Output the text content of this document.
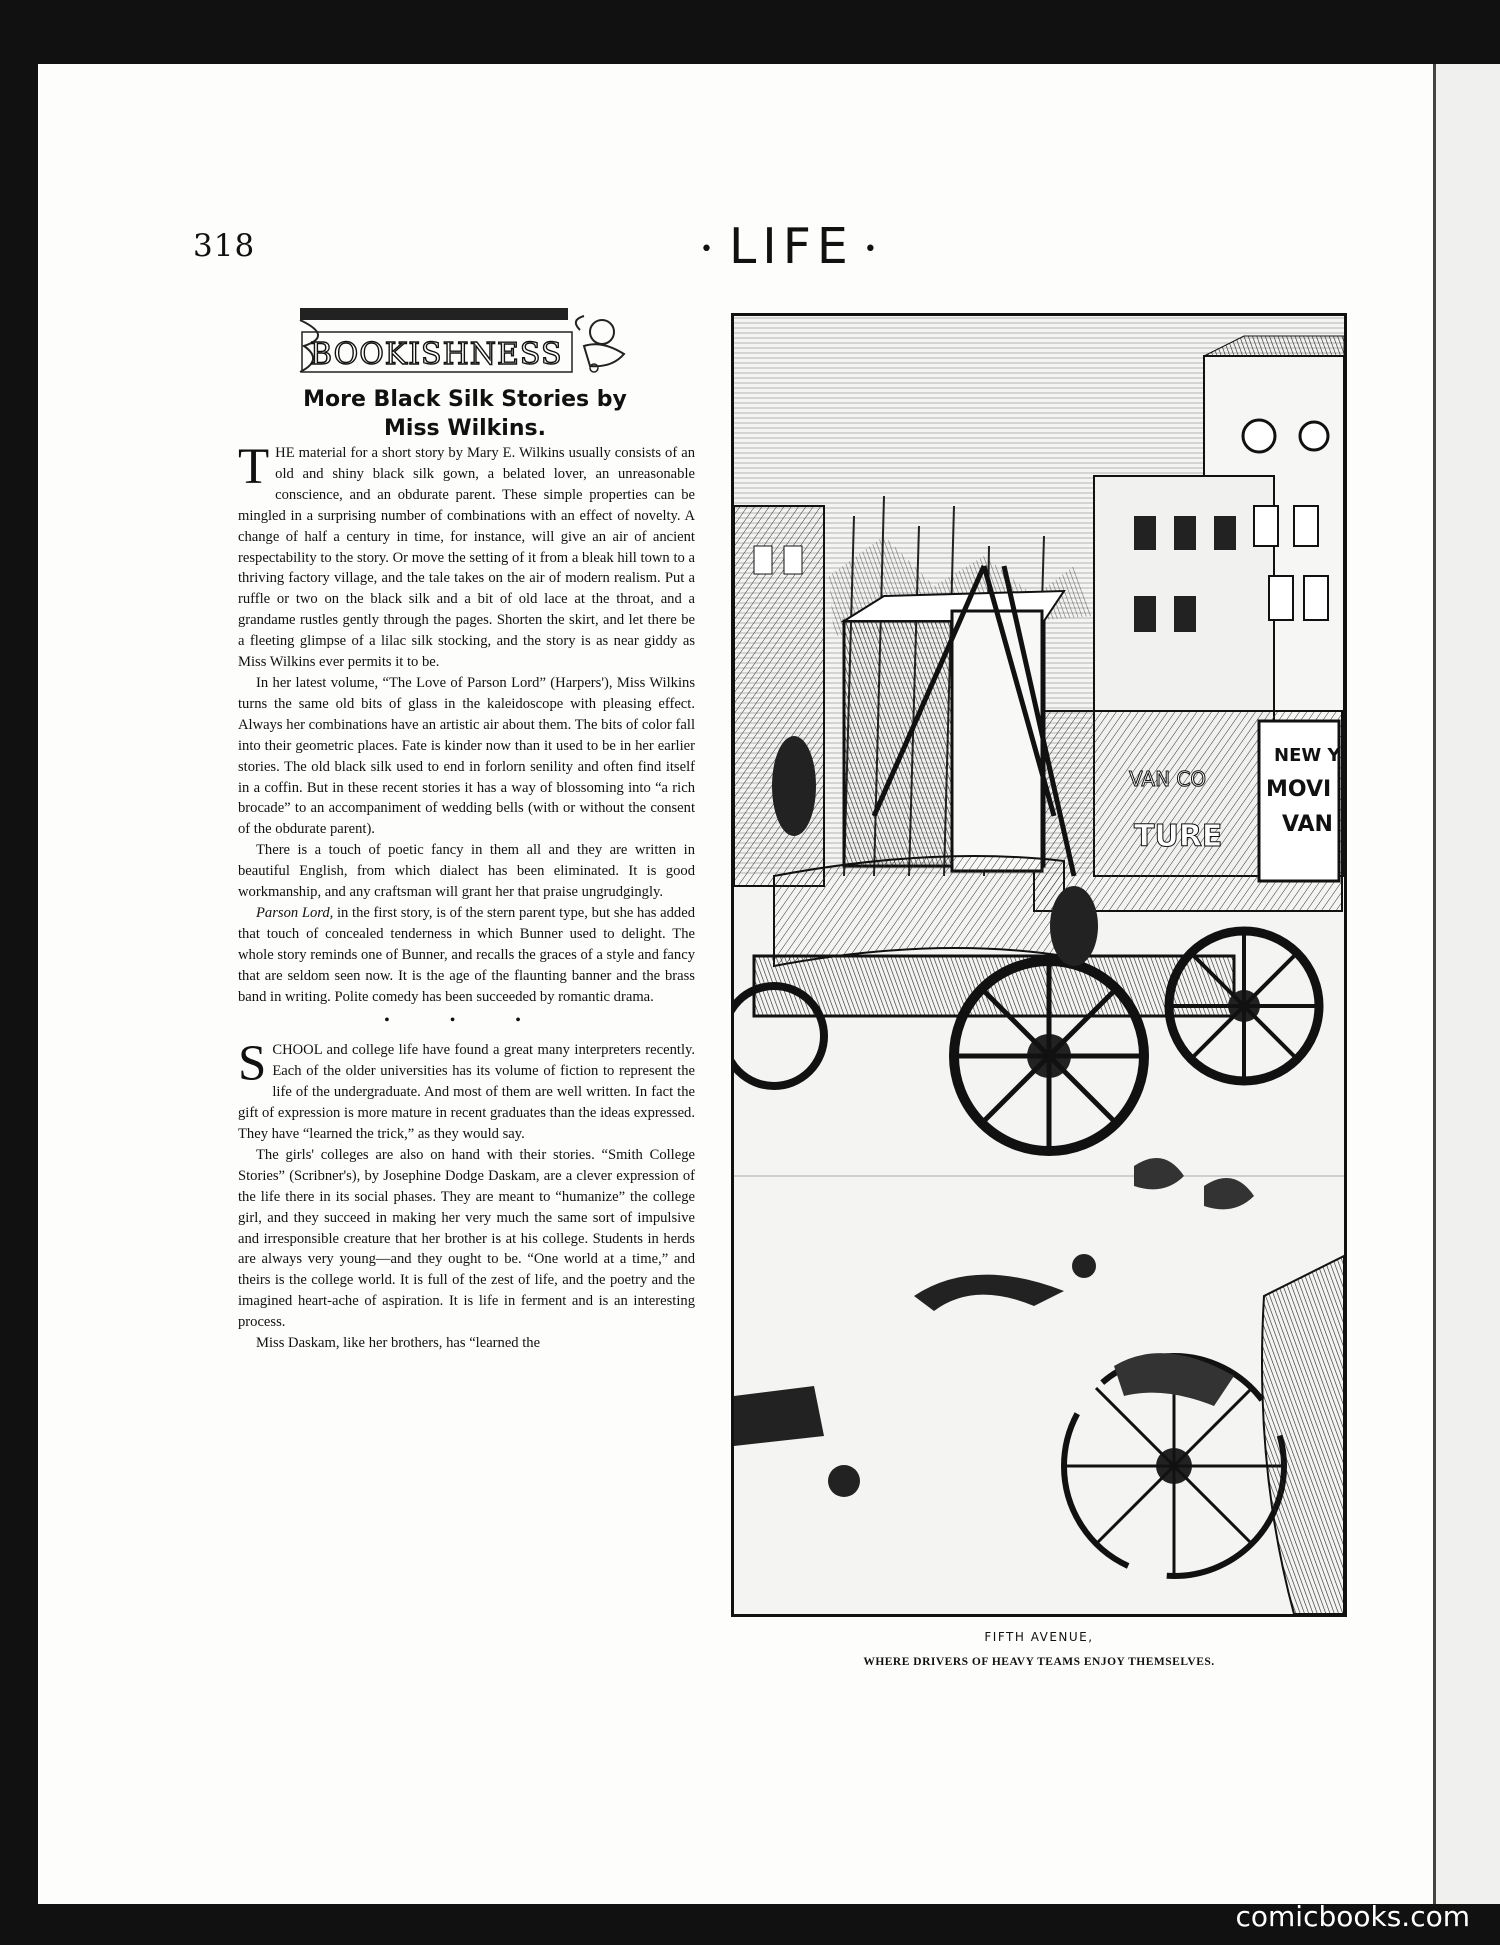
318	• LIFE •
BOOKISHNESS
More Black Silk Stories by
Miss Wilkins.

THE material for a short story by Mary E. Wilkins usually consists of an old and shiny black silk gown, a belated lover, an unreasonable conscience, and an obdurate parent. These simple properties can be mingled in a surprising number of combinations with an effect of novelty. A change of half a century in time, for instance, will give an air of ancient respectability to the story. Or move the setting of it from a bleak hill town to a thriving factory village, and the tale takes on the air of modern realism. Put a ruffle or two on the black silk and a bit of old lace at the throat, and a grandame rustles gently through the pages. Shorten the skirt, and let there be a fleeting glimpse of a lilac silk stocking, and the story is as near giddy as Miss Wilkins ever permits it to be.

In her latest volume, “The Love of Parson Lord” (Harpers'), Miss Wilkins turns the same old bits of glass in the kaleidoscope with pleasing effect. Always her combinations have an artistic air about them. The bits of color fall into their geometric places. Fate is kinder now than it used to be in her earlier stories. The old black silk used to end in forlorn senility and often find itself in a coffin. But in these recent stories it has a way of blossoming into “a rich brocade” to an accompaniment of wedding bells (with or without the consent of the obdurate parent).

There is a touch of poetic fancy in them all and they are written in beautiful English, from which dialect has been eliminated. It is good workmanship, and any craftsman will grant her that praise ungrudgingly.

Parson Lord, in the first story, is of the stern parent type, but she has added that touch of concealed tenderness in which Bunner used to delight. The whole story reminds one of Bunner, and recalls the graces of a style and fancy that are seldom seen now. It is the age of the flaunting banner and the brass band in writing. Polite comedy has been succeeded by romantic drama.

• • •

SCHOOL and college life have found a great many interpreters recently. Each of the older universities has its volume of fiction to represent the life of the undergraduate. And most of them are well written. In fact the gift of expression is more mature in recent graduates than the ideas expressed. They have “learned the trick,” as they would say.

The girls' colleges are also on hand with their stories. “Smith College Stories” (Scribner's), by Josephine Dodge Daskam, are a clever expression of the life there in its social phases. They are meant to “humanize” the college girl, and they succeed in making her very much the same sort of impulsive and irresponsible creature that her brother is at his college. Students in herds are always very young—and they ought to be. “One world at a time,” and theirs is the college world. It is full of the zest of life, and the poetry and the imagined heart-ache of aspiration. It is life in ferment and is an interesting process.

Miss Daskam, like her brothers, has “learned the

NEW Y
MOVI
VAN
VAN CO
TURE
FIFTH AVENUE,
WHERE DRIVERS OF HEAVY TEAMS ENJOY THEMSELVES.
comicbooks.com
